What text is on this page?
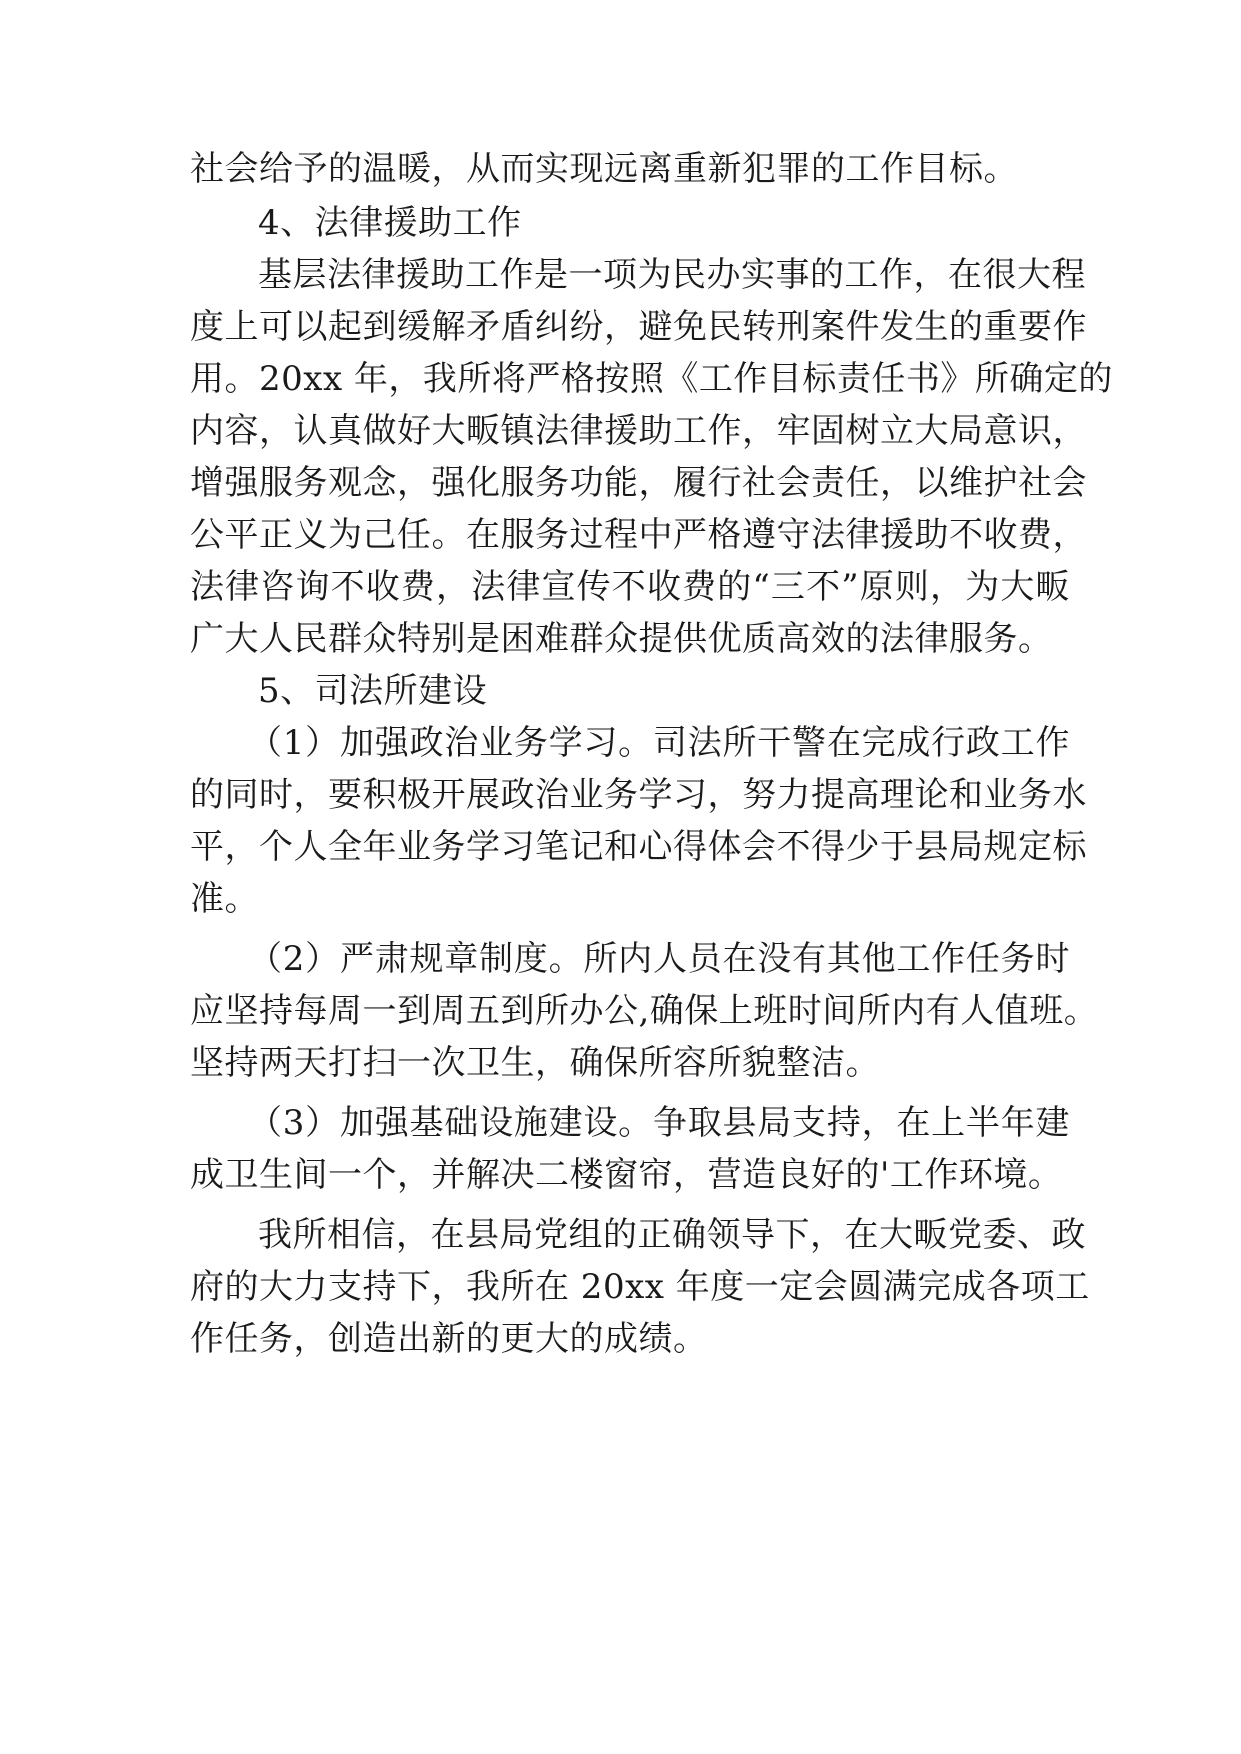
社会给予的温暖，从而实现远离重新犯罪的工作目标。

4、法律援助工作

基层法律援助工作是一项为民办实事的工作，在很大程

度上可以起到缓解矛盾纠纷，避免民转刑案件发生的重要作

用。20xx 年，我所将严格按照《工作目标责任书》所确定的

内容，认真做好大畈镇法律援助工作，牢固树立大局意识，

增强服务观念，强化服务功能，履行社会责任，以维护社会

公平正义为己任。在服务过程中严格遵守法律援助不收费，

法律咨询不收费，法律宣传不收费的“三不”原则，为大畈

广大人民群众特别是困难群众提供优质高效的法律服务。

5、司法所建设

（1）加强政治业务学习。司法所干警在完成行政工作

的同时，要积极开展政治业务学习，努力提高理论和业务水

平，个人全年业务学习笔记和心得体会不得少于县局规定标

准。

（2）严肃规章制度。所内人员在没有其他工作任务时

应坚持每周一到周五到所办公,确保上班时间所内有人值班。

坚持两天打扫一次卫生，确保所容所貌整洁。

（3）加强基础设施建设。争取县局支持，在上半年建

成卫生间一个，并解决二楼窗帘，营造良好的'工作环境。

我所相信，在县局党组的正确领导下，在大畈党委、政

府的大力支持下，我所在 20xx 年度一定会圆满完成各项工

作任务，创造出新的更大的成绩。
